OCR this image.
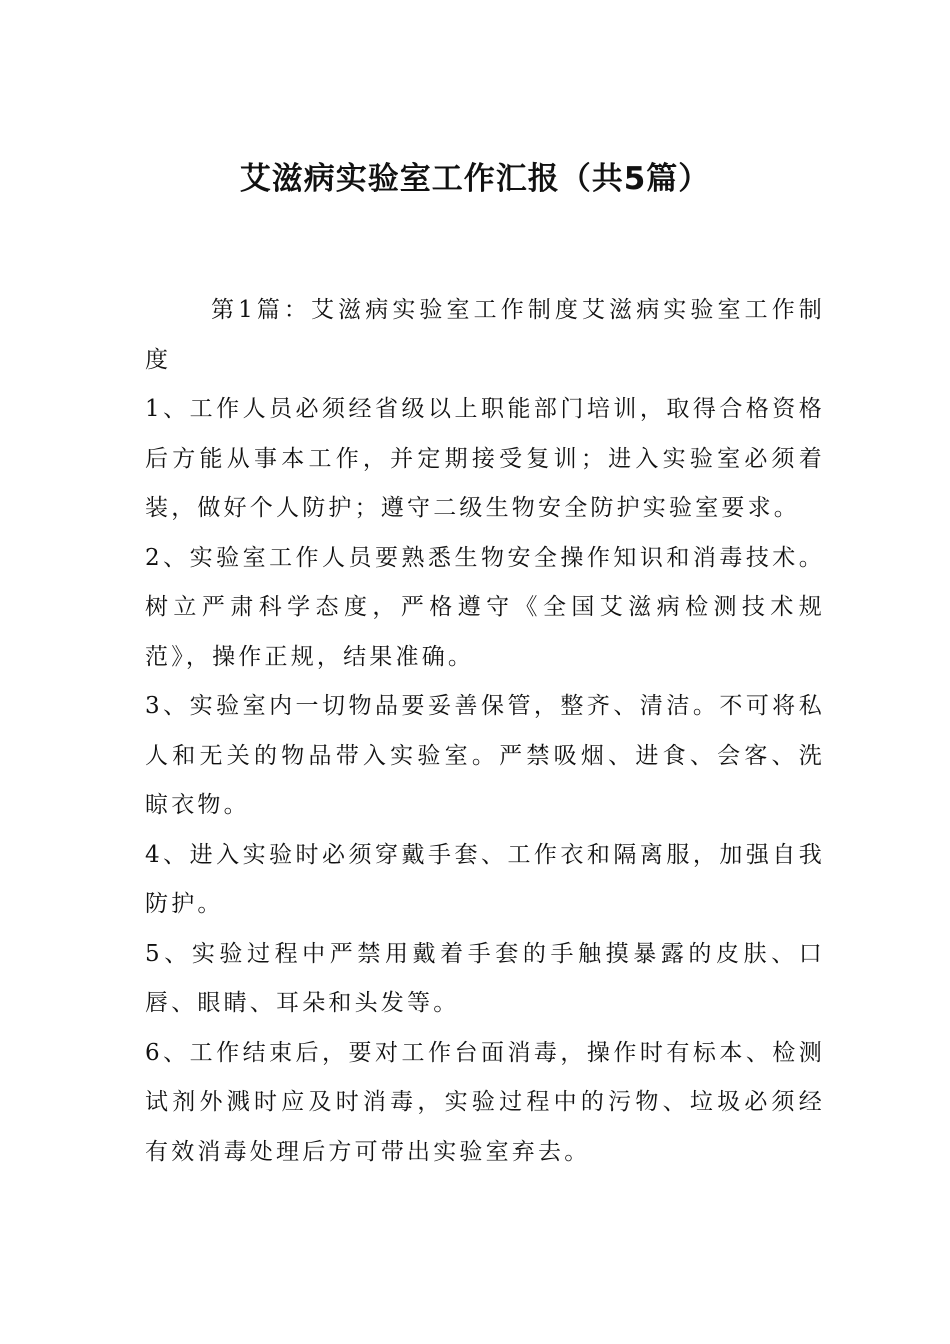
艾滋病实验室工作汇报（共5篇）

第1篇：艾滋病实验室工作制度艾滋病实验室工作制度

1、工作人员必须经省级以上职能部门培训，取得合格资格后方能从事本工作，并定期接受复训；进入实验室必须着装，做好个人防护；遵守二级生物安全防护实验室要求。

2、实验室工作人员要熟悉生物安全操作知识和消毒技术。树立严肃科学态度，严格遵守《全国艾滋病检测技术规范》，操作正规，结果准确。

3、实验室内一切物品要妥善保管，整齐、清洁。不可将私人和无关的物品带入实验室。严禁吸烟、进食、会客、洗晾衣物。

4、进入实验时必须穿戴手套、工作衣和隔离服，加强自我防护。

5、实验过程中严禁用戴着手套的手触摸暴露的皮肤、口唇、眼睛、耳朵和头发等。

6、工作结束后，要对工作台面消毒，操作时有标本、检测试剂外溅时应及时消毒，实验过程中的污物、垃圾必须经有效消毒处理后方可带出实验室弃去。
